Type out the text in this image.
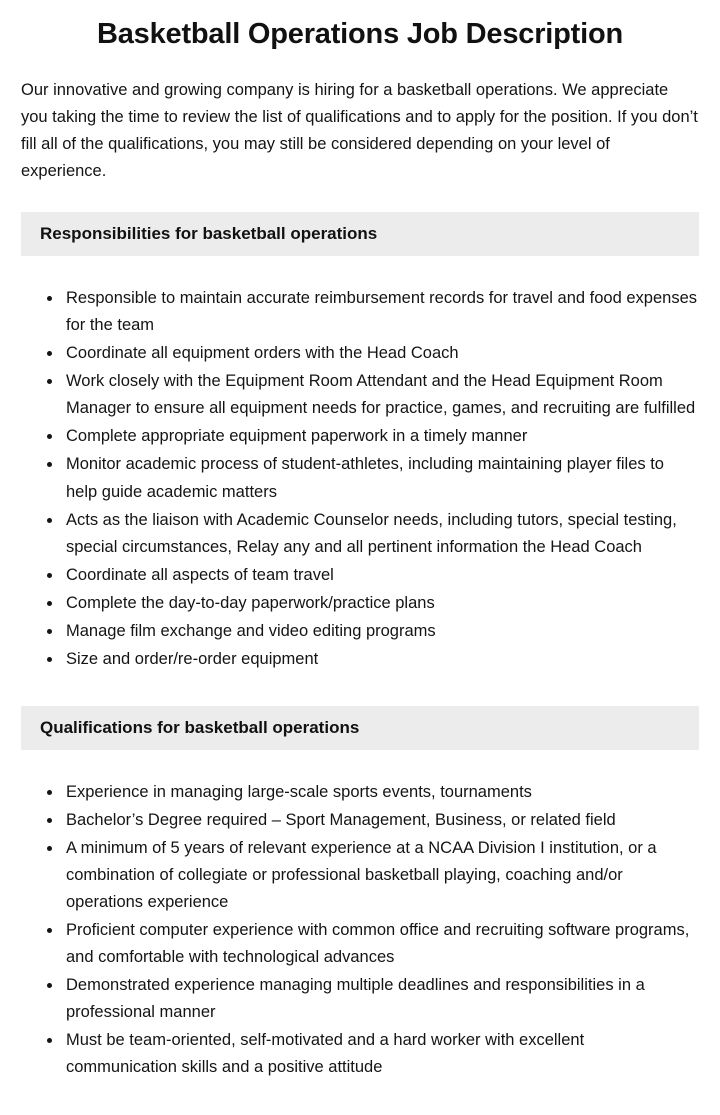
Basketball Operations Job Description

Our innovative and growing company is hiring for a basketball operations. We appreciate you taking the time to review the list of qualifications and to apply for the position. If you don’t fill all of the qualifications, you may still be considered depending on your level of experience.

Responsibilities for basketball operations
• Responsible to maintain accurate reimbursement records for travel and food expenses for the team
• Coordinate all equipment orders with the Head Coach
• Work closely with the Equipment Room Attendant and the Head Equipment Room Manager to ensure all equipment needs for practice, games, and recruiting are fulfilled
• Complete appropriate equipment paperwork in a timely manner
• Monitor academic process of student-athletes, including maintaining player files to help guide academic matters
• Acts as the liaison with Academic Counselor needs, including tutors, special testing, special circumstances, Relay any and all pertinent information the Head Coach
• Coordinate all aspects of team travel
• Complete the day-to-day paperwork/practice plans
• Manage film exchange and video editing programs
• Size and order/re-order equipment
Qualifications for basketball operations
• Experience in managing large-scale sports events, tournaments
• Bachelor’s Degree required – Sport Management, Business, or related field
• A minimum of 5 years of relevant experience at a NCAA Division I institution, or a combination of collegiate or professional basketball playing, coaching and/or operations experience
• Proficient computer experience with common office and recruiting software programs, and comfortable with technological advances
• Demonstrated experience managing multiple deadlines and responsibilities in a professional manner
• Must be team-oriented, self-motivated and a hard worker with excellent communication skills and a positive attitude
